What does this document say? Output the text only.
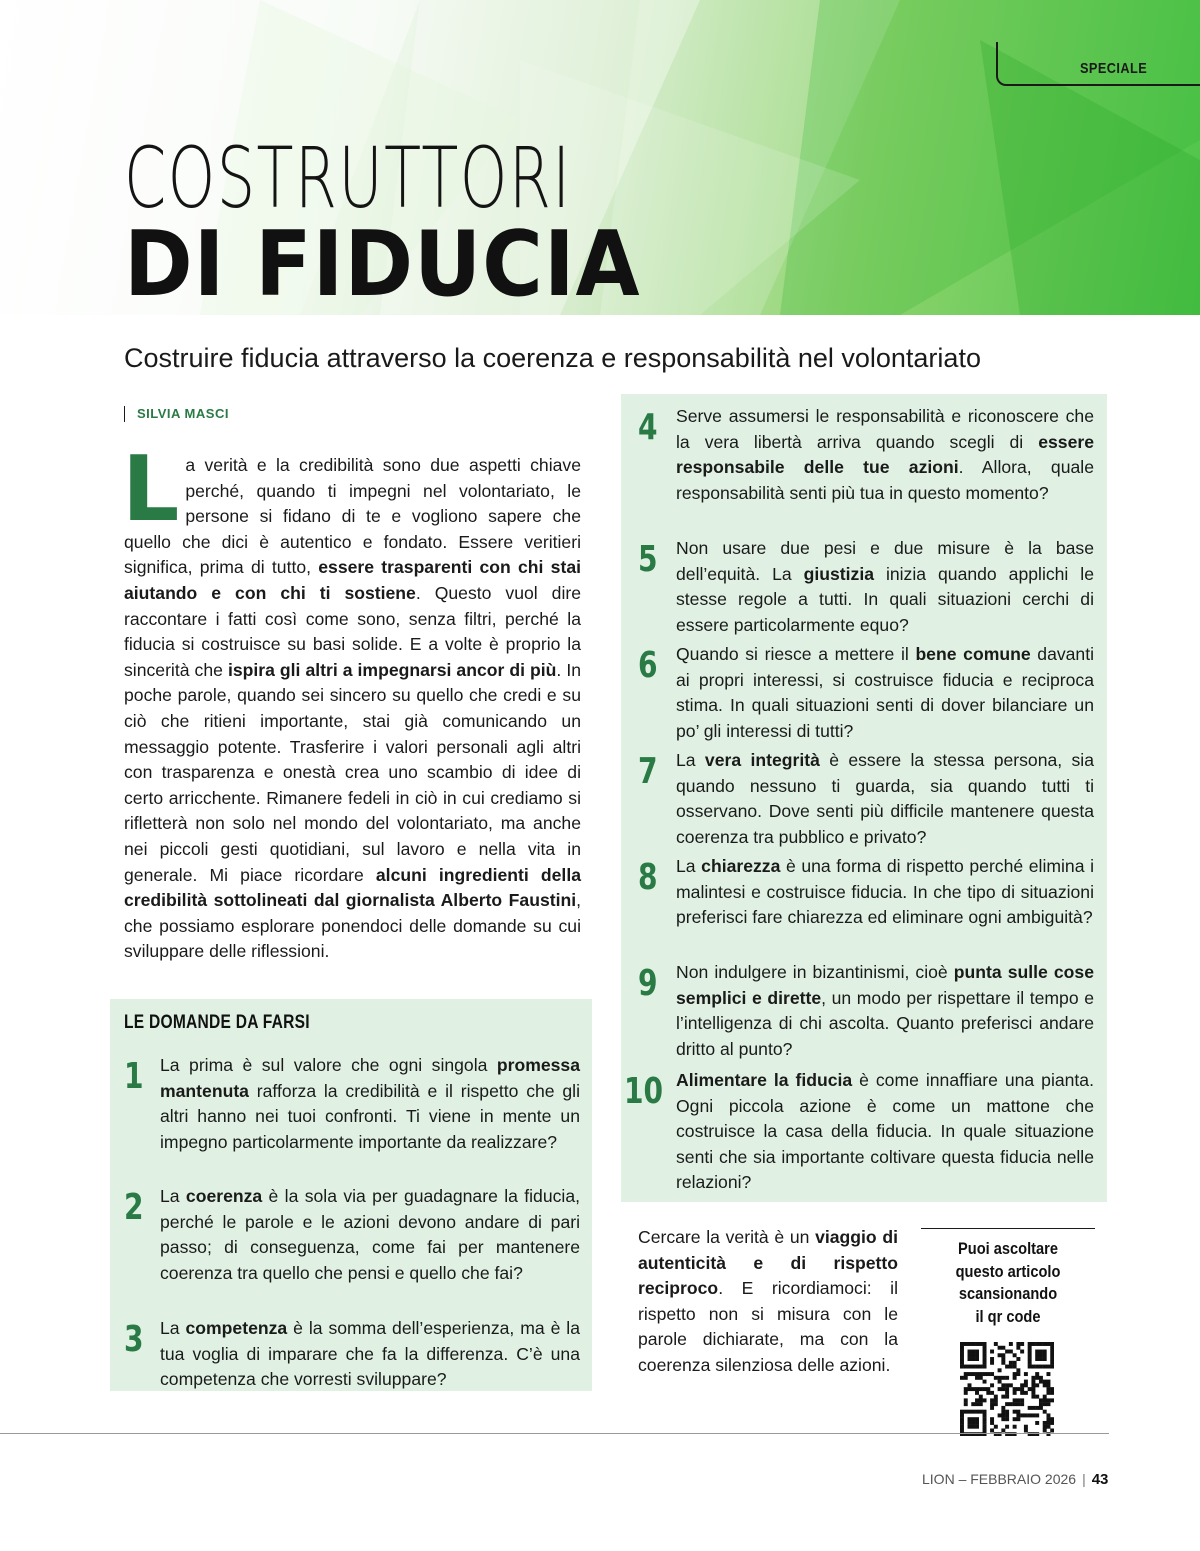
SPECIALE
COSTRUTTORI
DI FIDUCIA
Costruire fiducia attraverso la coerenza e responsabilità nel volontariato
SILVIA MASCI
L a verità e la credibilità sono due aspetti chiave perché, quando ti impegni nel volontariato, le persone si fidano di te e vogliono sapere che quello che dici è autentico e fondato. Essere veritieri significa, prima di tutto, essere trasparenti con chi stai aiutando e con chi ti sostiene. Questo vuol dire raccontare i fatti così come sono, senza filtri, perché la fiducia si costruisce su basi solide. E a volte è proprio la sincerità che ispira gli altri a impegnarsi ancor di più. In poche parole, quando sei sincero su quello che credi e su ciò che ritieni importante, stai già comunicando un messaggio potente. Trasferire i valori personali agli altri con trasparenza e onestà crea uno scambio di idee di certo arricchente. Rimanere fedeli in ciò in cui crediamo si rifletterà non solo nel mondo del volontariato, ma anche nei piccoli gesti quotidiani, sul lavoro e nella vita in generale. Mi piace ricordare alcuni ingredienti della credibilità sottolineati dal giornalista Alberto Faustini, che possiamo esplorare ponendoci delle domande su cui sviluppare delle riflessioni.

LE DOMANDE DA FARSI
1 La prima è sul valore che ogni singola promessa mantenuta rafforza la credibilità e il rispetto che gli altri hanno nei tuoi confronti. Ti viene in mente un impegno particolarmente importante da realizzare?
2 La coerenza è la sola via per guadagnare la fiducia, perché le parole e le azioni devono andare di pari passo; di conseguenza, come fai per mantenere coerenza tra quello che pensi e quello che fai?
3 La competenza è la somma dell’esperienza, ma è la tua voglia di imparare che fa la differenza. C’è una competenza che vorresti sviluppare?
4 Serve assumersi le responsabilità e riconoscere che la vera libertà arriva quando scegli di essere responsabile delle tue azioni. Allora, quale responsabilità senti più tua in questo momento?
5 Non usare due pesi e due misure è la base dell’equità. La giustizia inizia quando applichi le stesse regole a tutti. In quali situazioni cerchi di essere particolarmente equo?
6 Quando si riesce a mettere il bene comune davanti ai propri interessi, si costruisce fiducia e reciproca stima. In quali situazioni senti di dover bilanciare un po’ gli interessi di tutti?
7 La vera integrità è essere la stessa persona, sia quando nessuno ti guarda, sia quando tutti ti osservano. Dove senti più difficile mantenere questa coerenza tra pubblico e privato?
8 La chiarezza è una forma di rispetto perché elimina i malintesi e costruisce fiducia. In che tipo di situazioni preferisci fare chiarezza ed eliminare ogni ambiguità?
9 Non indulgere in bizantinismi, cioè punta sulle cose semplici e dirette, un modo per rispettare il tempo e l’intelligenza di chi ascolta. Quanto preferisci andare dritto al punto?
10 Alimentare la fiducia è come innaffiare una pianta. Ogni piccola azione è come un mattone che costruisce la casa della fiducia. In quale situazione senti che sia importante coltivare questa fiducia nelle relazioni?

Cercare la verità è un viaggio di autenticità e di rispetto reciproco. E ricordiamoci: il rispetto non si misura con le parole dichiarate, ma con la coerenza silenziosa delle azioni.

Puoi ascoltare
questo articolo
scansionando
il qr code
LION – FEBBRAIO 2026 | 43
